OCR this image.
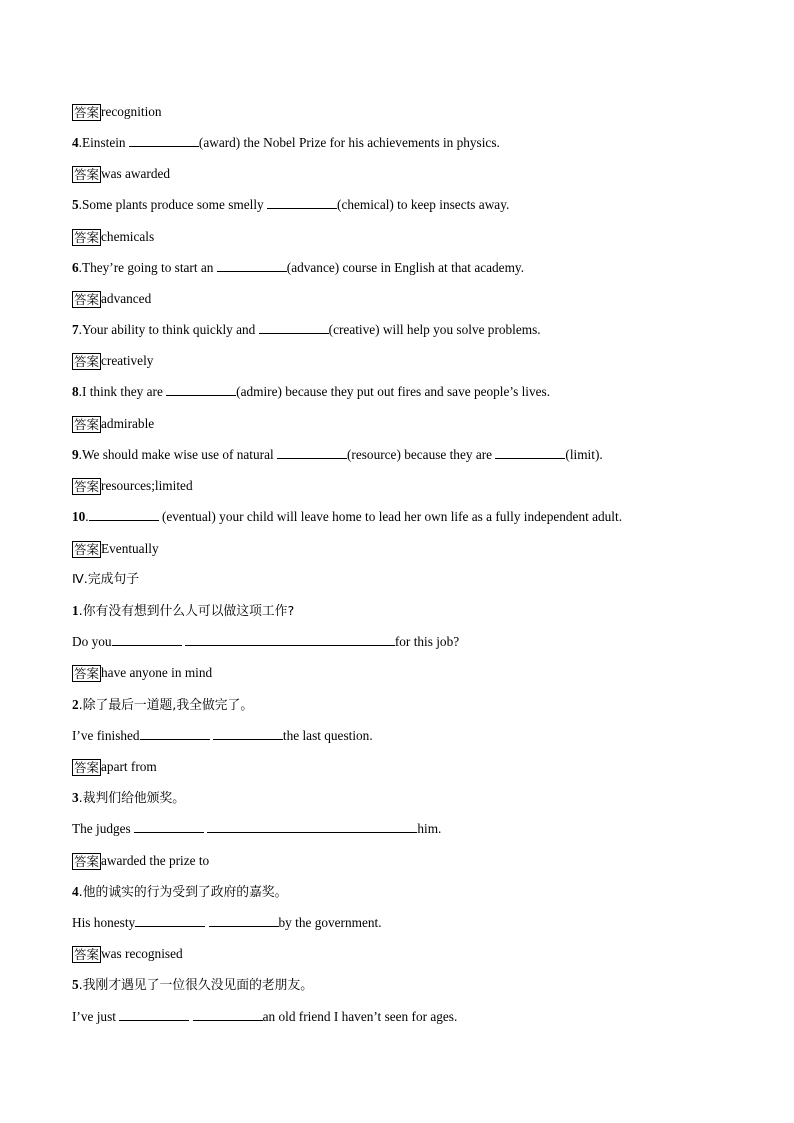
答案 recognition
4.Einstein	(award) the Nobel Prize for his achievements in physics.
答案 was awarded
5.Some plants produce some smelly	(chemical) to keep insects away.
答案 chemicals
6.They’re going to start an	(advance) course in English at that academy.
答案 advanced
7.Your ability to think quickly and	(creative) will help you solve problems.
答案 creatively
8.I think they are	(admire) because they put out fires and save people’s lives.
答案 admirable
9.We should make wise use of natural	(resource) because they are	(limit).
答案 resources;limited
10.	(eventual) your child will leave home to lead her own life as a fully independent adult.
答案 Eventually
Ⅳ.完成句子
1.你有没有想到什么人可以做这项工作?
Do you	for this job?
答案 have anyone in mind
2.除了最后一道题,我全做完了。
I’ve finished	the last question.
答案 apart from
3.裁判们给他颁奖。
The judges	him.
答案 awarded the prize to
4.他的诚实的行为受到了政府的嘉奖。
His honesty	by the government.
答案 was recognised
5.我刚才遇见了一位很久没见面的老朋友。
I’ve just	an old friend I haven’t seen for ages.
